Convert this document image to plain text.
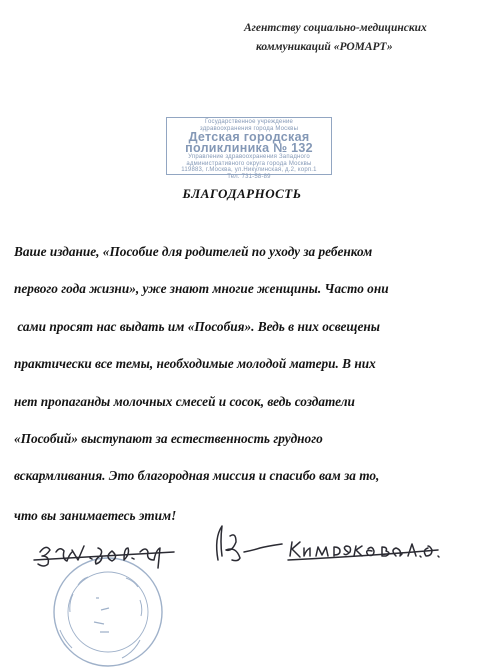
Агентству социально-медицинских
коммуникаций «РОМАРТ»
Государственное учреждение
здравоохранения города Москвы
Детская городская
поликлиника № 132
Управление здравоохранения Западного
административного округа города Москвы
119883, г.Москва, ул.Никулинская, д.2, корп.1
Тел. 731-58-89
БЛАГОДАРНОСТЬ
Ваше издание, «Пособие для родителей по уходу за ребенком
первого года жизни», уже знают многие женщины. Часто они
сами просят нас выдать им «Пособия». Ведь в них освещены
практически все темы, необходимые молодой матери. В них
нет пропаганды молочных смесей и сосок, ведь создатели
«Пособий» выступают за естественность грудного
вскармливания. Это благородная миссия и спасибо вам за то,
что вы занимаетесь этим!
